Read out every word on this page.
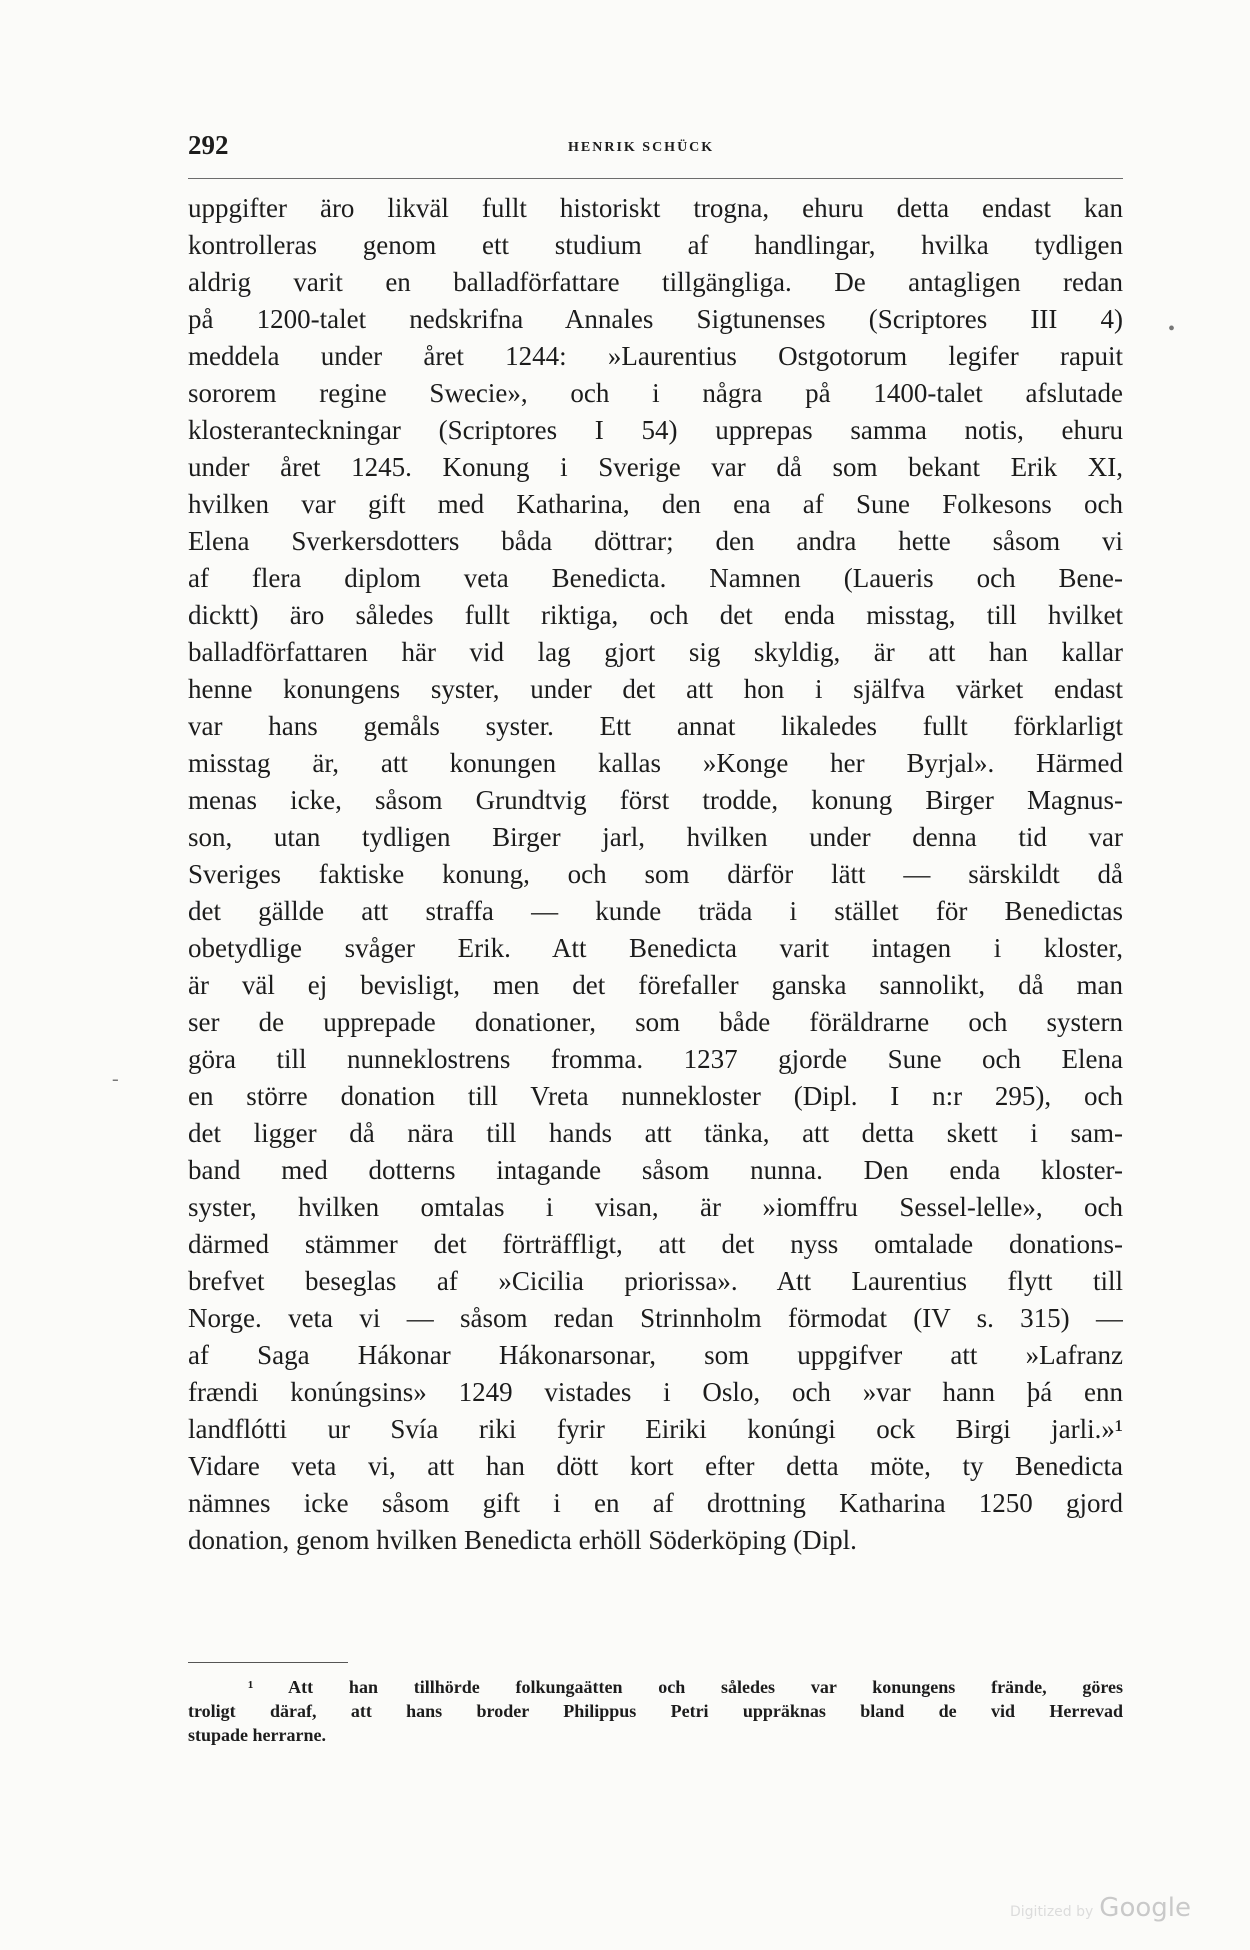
292	HENRIK SCHÜCK
uppgifter äro likväl fullt historiskt trogna, ehuru detta endast kan
kontrolleras genom ett studium af handlingar, hvilka tydligen
aldrig varit en balladförfattare tillgängliga. De antagligen redan
på 1200-talet nedskrifna Annales Sigtunenses (Scriptores III 4)
meddela under året 1244: »Laurentius Ostgotorum legifer rapuit
sororem regine Swecie», och i några på 1400-talet afslutade
klosteranteckningar (Scriptores I 54) upprepas samma notis, ehuru
under året 1245. Konung i Sverige var då som bekant Erik XI,
hvilken var gift med Katharina, den ena af Sune Folkesons och
Elena Sverkersdotters båda döttrar; den andra hette såsom vi
af flera diplom veta Benedicta. Namnen (Laueris och Bene-
dicktt) äro således fullt riktiga, och det enda misstag, till hvilket
balladförfattaren här vid lag gjort sig skyldig, är att han kallar
henne konungens syster, under det att hon i själfva värket endast
var hans gemåls syster. Ett annat likaledes fullt förklarligt
misstag är, att konungen kallas »Konge her Byrjal». Härmed
menas icke, såsom Grundtvig först trodde, konung Birger Magnus-
son, utan tydligen Birger jarl, hvilken under denna tid var
Sveriges faktiske konung, och som därför lätt — särskildt då
det gällde att straffa — kunde träda i stället för Benedictas
obetydlige svåger Erik. Att Benedicta varit intagen i kloster,
är väl ej bevisligt, men det förefaller ganska sannolikt, då man
ser de upprepade donationer, som både föräldrarne och systern
göra till nunneklostrens fromma. 1237 gjorde Sune och Elena
en större donation till Vreta nunnekloster (Dipl. I n:r 295), och
det ligger då nära till hands att tänka, att detta skett i sam-
band med dotterns intagande såsom nunna. Den enda kloster-
syster, hvilken omtalas i visan, är »iomffru Sessel-lelle», och
därmed stämmer det förträffligt, att det nyss omtalade donations-
brefvet beseglas af »Cicilia priorissa». Att Laurentius flytt till
Norge. veta vi — såsom redan Strinnholm förmodat (IV s. 315) —
af Saga Hákonar Hákonarsonar, som uppgifver att »Lafranz
frændi konúngsins» 1249 vistades i Oslo, och »var hann þá enn
landflótti ur Svía riki fyrir Eiriki konúngi ock Birgi jarli.»¹
Vidare veta vi, att han dött kort efter detta möte, ty Benedicta
nämnes icke såsom gift i en af drottning Katharina 1250 gjord
donation, genom hvilken Benedicta erhöll Söderköping (Dipl.
¹ Att han tillhörde folkungaätten och således var konungens frände, göres
troligt däraf, att hans broder Philippus Petri uppräknas bland de vid Herrevad
stupade herrarne.
•
-
Digitized by Google
